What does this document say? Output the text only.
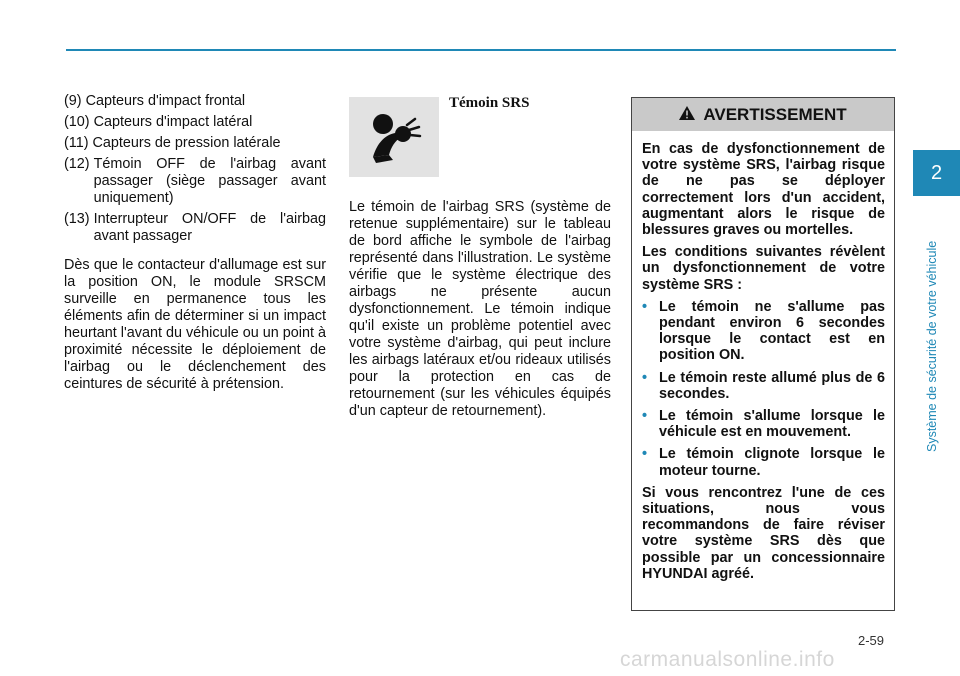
(9) Capteurs d'impact frontal
(10) Capteurs d'impact latéral
(11) Capteurs de pression latérale
(12) Témoin OFF de l'airbag avant passager (siège passager avant uniquement)
(13) Interrupteur ON/OFF de l'airbag avant passager
Dès que le contacteur d'allumage est sur la position ON, le module SRSCM surveille en permanence tous les éléments afin de déterminer si un impact heurtant l'avant du véhicule ou un point à proximité nécessite le déploiement de l'airbag ou le déclenchement des ceintures de sécurité à prétension.
Témoin SRS
Le témoin de l'airbag SRS (système de retenue supplémentaire) sur le tableau de bord affiche le symbole de l'airbag représenté dans l'illustration. Le système vérifie que le système électrique des airbags ne présente aucun dysfonctionnement. Le témoin indique qu'il existe un problème potentiel avec votre système d'airbag, qui peut inclure les airbags latéraux et/ou rideaux utilisés pour la protection en cas de retournement (sur les véhicules équipés d'un capteur de retournement).
AVERTISSEMENT

En cas de dysfonctionnement de votre système SRS, l'airbag risque de ne pas se déployer correctement lors d'un accident, augmentant alors le risque de blessures graves ou mortelles.

Les conditions suivantes révèlent un dysfonctionnement de votre système SRS :

• Le témoin ne s'allume pas pendant environ 6 secondes lorsque le contact est en position ON.
• Le témoin reste allumé plus de 6 secondes.
• Le témoin s'allume lorsque le véhicule est en mouvement.
• Le témoin clignote lorsque le moteur tourne.

Si vous rencontrez l'une de ces situations, nous vous recommandons de faire réviser votre système SRS dès que possible par un concessionnaire HYUNDAI agréé.

2
Système de sécurité de votre véhicule
2-59
carmanualsonline.info
